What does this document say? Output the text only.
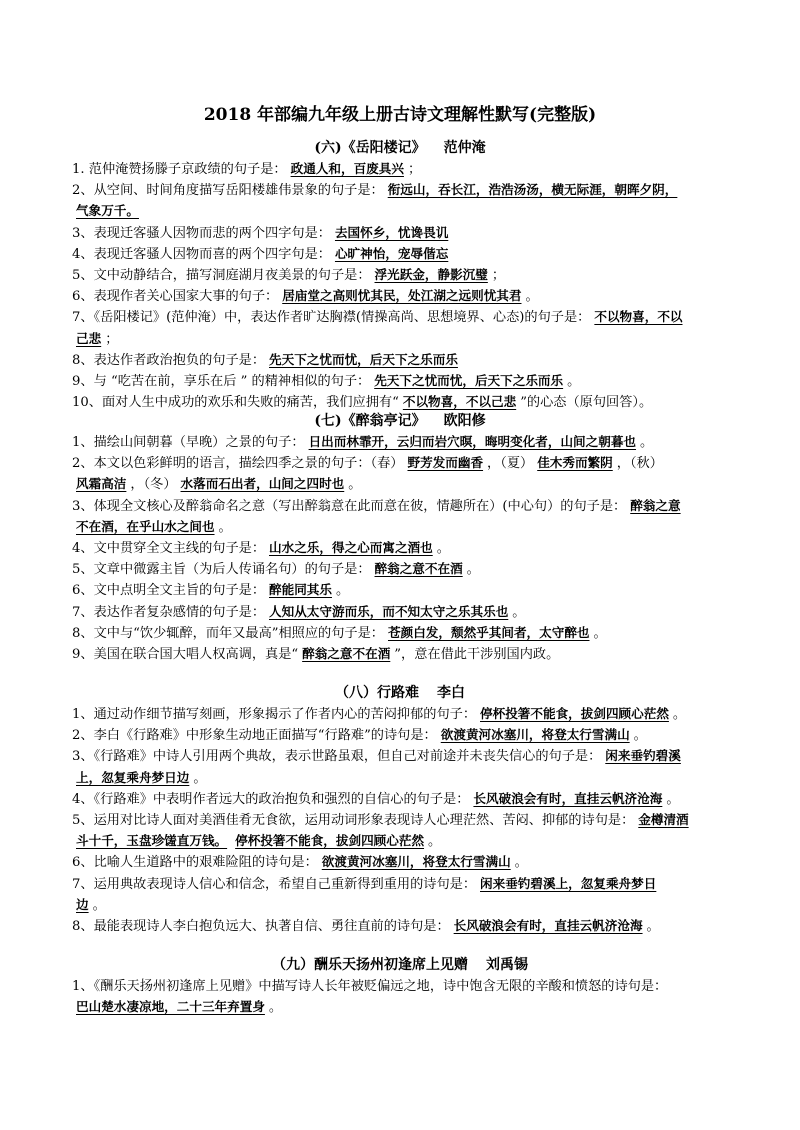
2018 年部编九年级上册古诗文理解性默写(完整版)
(六)《岳阳楼记》 范仲淹
1. 范仲淹赞扬滕子京政绩的句子是： 政通人和，百废具兴 ；
2、从空间、时间角度描写岳阳楼雄伟景象的句子是： 衔远山，吞长江，浩浩汤汤，横无际涯，朝晖夕阴，
气象万千。
3、表现迁客骚人因物而悲的两个四字句是： 去国怀乡，忧谗畏讥
4、表现迁客骚人因物而喜的两个四字句是： 心旷神怡，宠辱偕忘
5、文中动静结合，描写洞庭湖月夜美景的句子是： 浮光跃金，静影沉璧 ；
6、表现作者关心国家大事的句子： 居庙堂之高则忧其民，处江湖之远则忧其君 。
7、《岳阳楼记》(范仲淹）中，表达作者旷达胸襟(情操高尚、思想境界、心态)的句子是： 不以物喜，不以
己悲 ；
8、表达作者政治抱负的句子是： 先天下之忧而忧，后天下之乐而乐
9、与 “吃苦在前，享乐在后 ” 的精神相似的句子： 先天下之忧而忧，后天下之乐而乐 。
10、面对人生中成功的欢乐和失败的痛苦，我们应拥有“ 不以物喜，不以己悲 ”的心态（原句回答）。
(七)《醉翁亭记》 欧阳修
1、描绘山间朝暮（早晚）之景的句子： 日出而林霏开，云归而岩穴暝，晦明变化者，山间之朝暮也 。
2、本文以色彩鲜明的语言，描绘四季之景的句子：（春） 野芳发而幽香 ，（夏） 佳木秀而繁阴 ，（秋）
风霜高洁 ，（冬） 水落而石出者，山间之四时也 。
3、体现全文核心及醉翁命名之意（写出醉翁意在此而意在彼，情趣所在）(中心句）的句子是： 醉翁之意
不在酒，在乎山水之间也 。
4、文中贯穿全文主线的句子是： 山水之乐，得之心而寓之酒也 。
5、文章中微露主旨（为后人传诵名句）的句子是： 醉翁之意不在酒 。
6、文中点明全文主旨的句子是： 醉能同其乐 。
7、表达作者复杂感情的句子是： 人知从太守游而乐，而不知太守之乐其乐也 。
8、文中与“饮少辄醉，而年又最高”相照应的句子是： 苍颜白发，颓然乎其间者，太守醉也 。
9、美国在联合国大唱人权高调，真是“ 醉翁之意不在酒 ”，意在借此干涉别国内政。
（八）行路难 李白
1、通过动作细节描写刻画，形象揭示了作者内心的苦闷抑郁的句子： 停杯投箸不能食，拔剑四顾心茫然 。
2、李白《行路难》中形象生动地正面描写“行路难”的诗句是： 欲渡黄河冰塞川，将登太行雪满山 。
3、《行路难》中诗人引用两个典故，表示世路虽艰，但自己对前途并未丧失信心的句子是： 闲来垂钓碧溪
上，忽复乘舟梦日边 。
4、《行路难》中表明作者远大的政治抱负和强烈的自信心的句子是： 长风破浪会有时，直挂云帆济沧海 。
5、运用对比诗人面对美酒佳肴无食欲，运用动词形象表现诗人心理茫然、苦闷、抑郁的诗句是： 金樽清酒
斗十千，玉盘珍馐直万钱。 停杯投箸不能食，拔剑四顾心茫然 。
6、比喻人生道路中的艰难险阻的诗句是： 欲渡黄河冰塞川，将登太行雪满山 。
7、运用典故表现诗人信心和信念，希望自己重新得到重用的诗句是： 闲来垂钓碧溪上，忽复乘舟梦日
边 。
8、最能表现诗人李白抱负远大、执著自信、勇往直前的诗句是： 长风破浪会有时，直挂云帆济沧海 。
（九）酬乐天扬州初逢席上见赠 刘禹锡
1、《酬乐天扬州初逢席上见赠》中描写诗人长年被贬偏远之地，诗中饱含无限的辛酸和愤怒的诗句是：
巴山楚水凄凉地，二十三年弃置身 。
